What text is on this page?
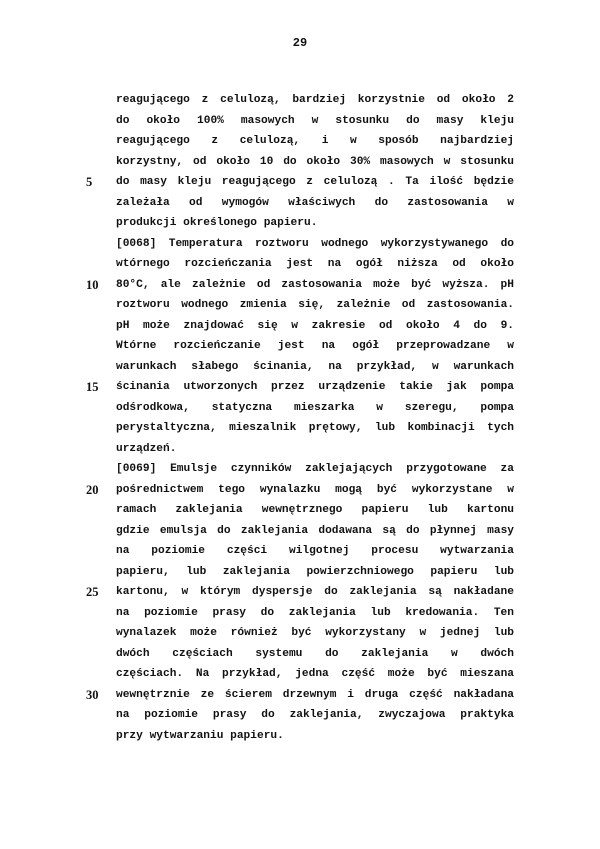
29
reagującego z celulozą, bardziej korzystnie od około 2
do około 100% masowych w stosunku do masy kleju
reagującego z celulozą, i w sposób najbardziej
korzystny, od około 10 do około 30% masowych w stosunku
5 do masy kleju reagującego z celulozą . Ta ilość będzie
zależała od wymogów właściwych do zastosowania w
produkcji określonego papieru.
[0068] Temperatura roztworu wodnego wykorzystywanego do
wtórnego rozcieńczania jest na ogół niższa od około
10 80°C, ale zależnie od zastosowania może być wyższa. pH
roztworu wodnego zmienia się, zależnie od zastosowania.
pH może znajdować się w zakresie od około 4 do 9.
Wtórne rozcieńczanie jest na ogół przeprowadzane w
warunkach słabego ścinania, na przykład, w warunkach
15 ścinania utworzonych przez urządzenie takie jak pompa
odśrodkowa, statyczna mieszarka w szeregu, pompa
perystaltyczna, mieszalnik prętowy, lub kombinacji tych
urządzeń.
[0069] Emulsje czynników zaklejających przygotowane za
20 pośrednictwem tego wynalazku mogą być wykorzystane w
ramach zaklejania wewnętrznego papieru lub kartonu
gdzie emulsja do zaklejania dodawana są do płynnej masy
na poziomie części wilgotnej procesu wytwarzania
papieru, lub zaklejania powierzchniowego papieru lub
25 kartonu, w którym dyspersje do zaklejania są nakładane
na poziomie prasy do zaklejania lub kredowania. Ten
wynalazek może również być wykorzystany w jednej lub
dwóch częściach systemu do zaklejania w dwóch
częściach. Na przykład, jedna część może być mieszana
30 wewnętrznie ze ścierem drzewnym i druga część nakładana
na poziomie prasy do zaklejania, zwyczajowa praktyka
przy wytwarzaniu papieru.
